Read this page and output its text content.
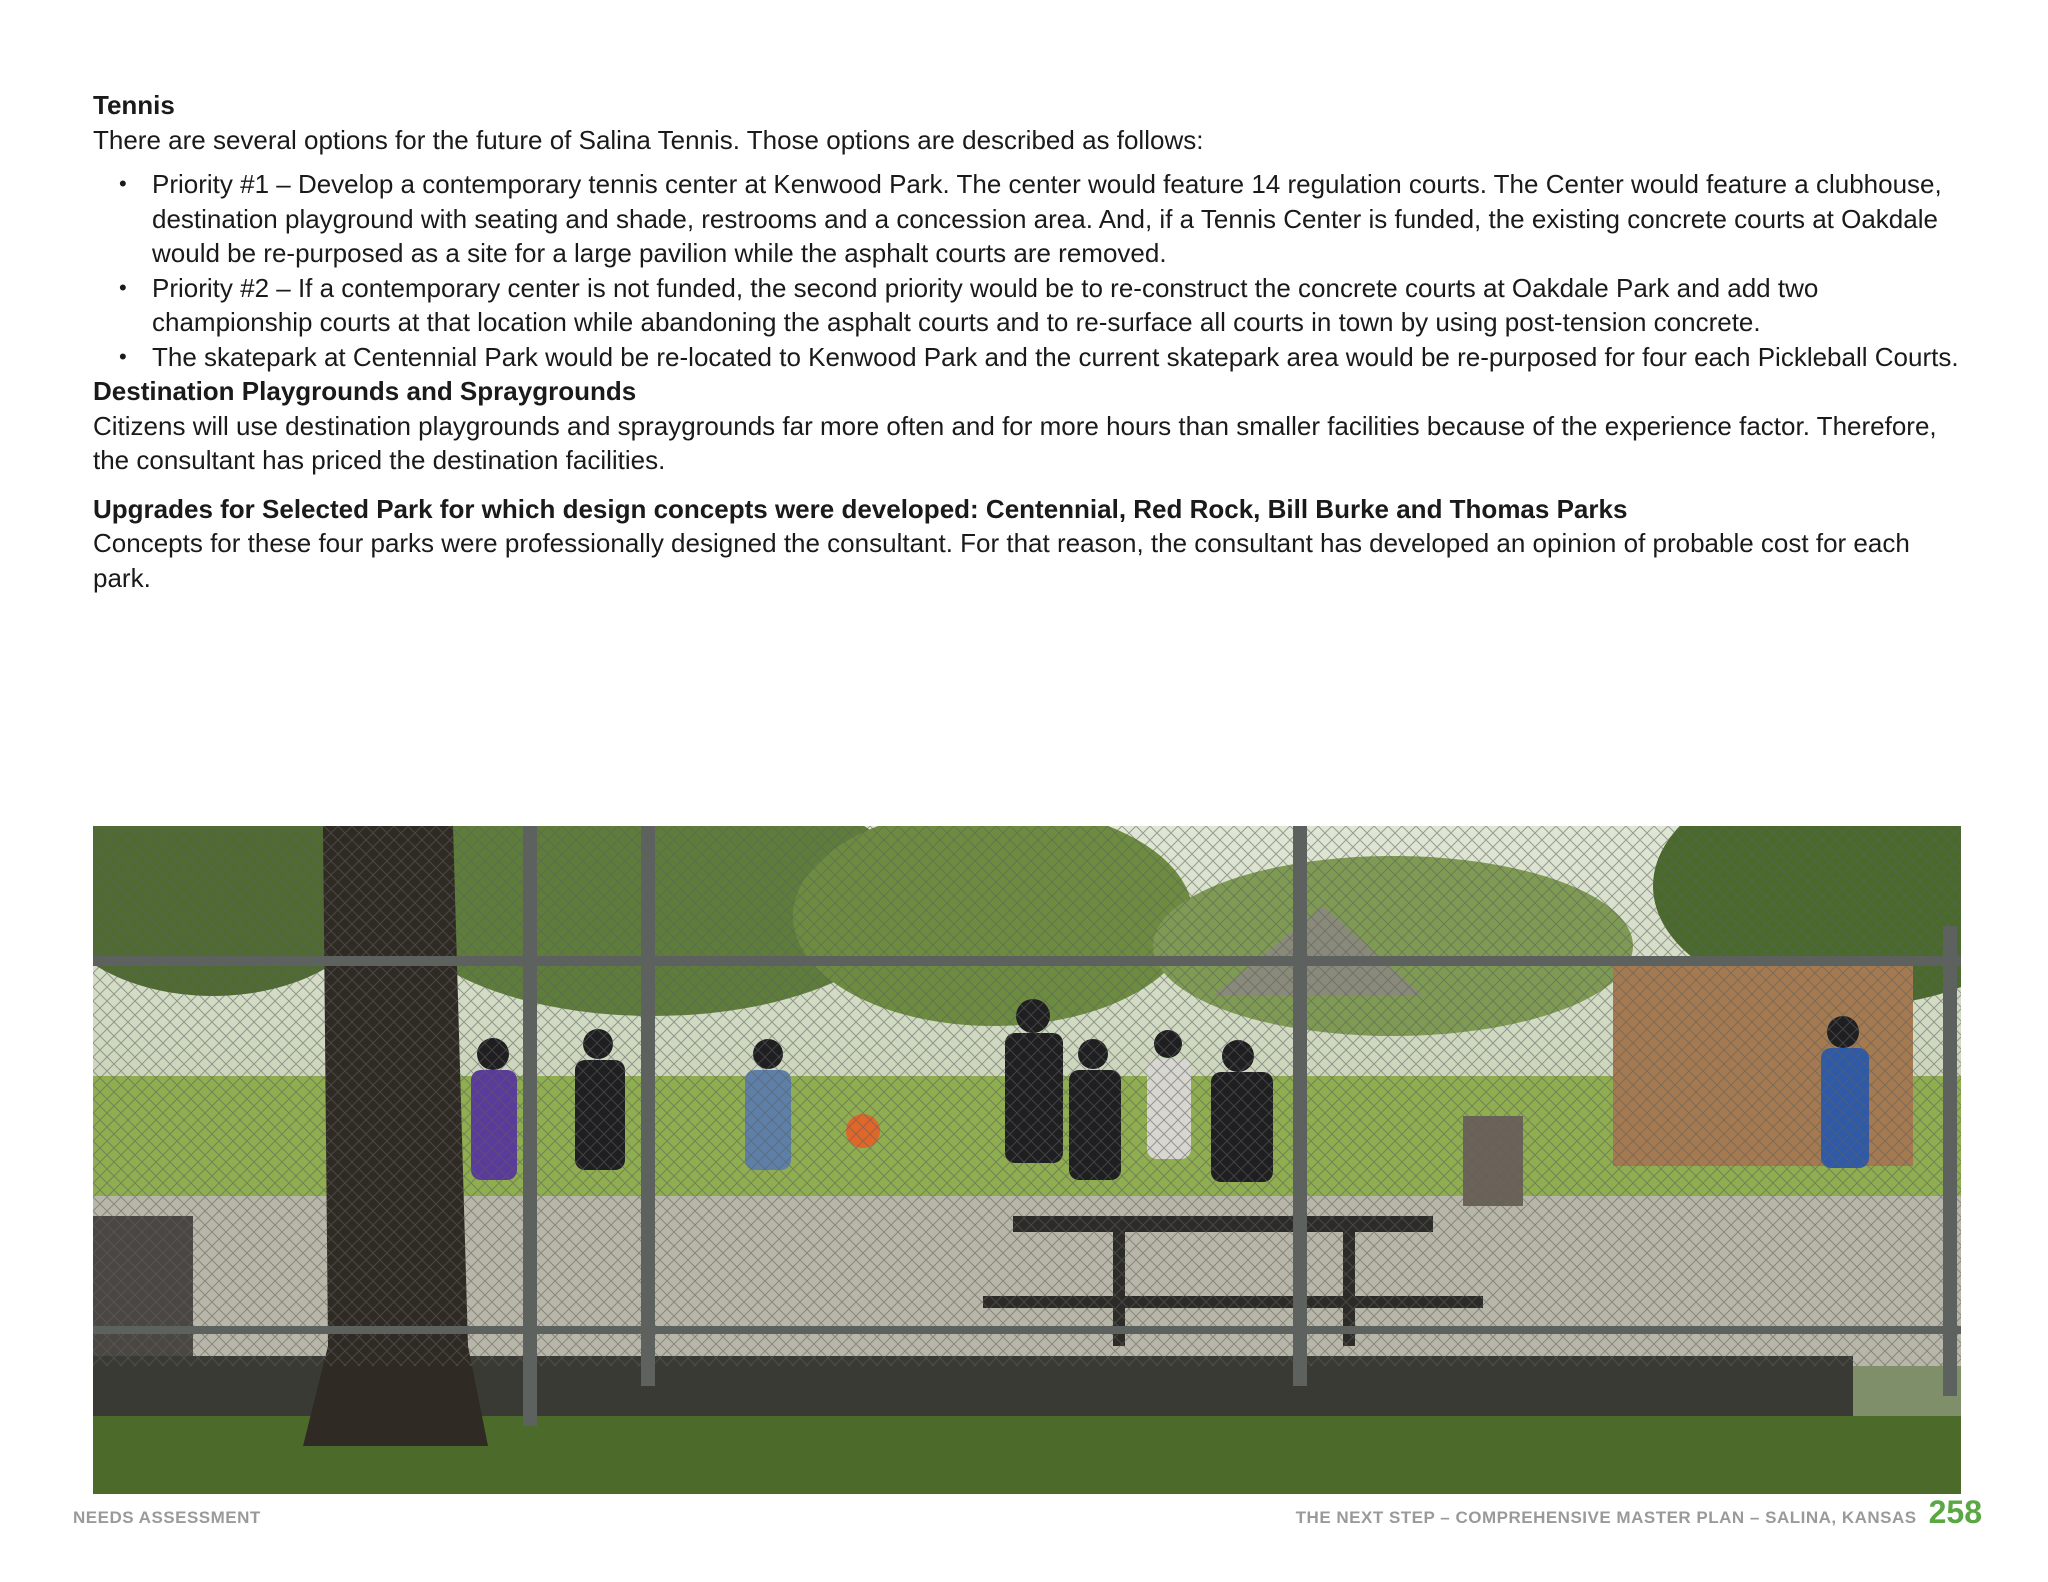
Tennis

There are several options for the future of Salina Tennis. Those options are described as follows:

• Priority #1 – Develop a contemporary tennis center at Kenwood Park. The center would feature 14 regulation courts. The Center would feature a clubhouse, destination playground with seating and shade, restrooms and a concession area. And, if a Tennis Center is funded, the existing concrete courts at Oakdale would be re-purposed as a site for a large pavilion while the asphalt courts are removed.
• Priority #2 – If a contemporary center is not funded, the second priority would be to re-construct the concrete courts at Oakdale Park and add two championship courts at that location while abandoning the asphalt courts and to re-surface all courts in town by using post-tension concrete.
• The skatepark at Centennial Park would be re-located to Kenwood Park and the current skatepark area would be re-purposed for four each Pickleball Courts.

Destination Playgrounds and Spraygrounds

Citizens will use destination playgrounds and spraygrounds far more often and for more hours than smaller facilities because of the experience factor. Therefore, the consultant has priced the destination facilities.

Upgrades for Selected Park for which design concepts were developed: Centennial, Red Rock, Bill Burke and Thomas Parks

Concepts for these four parks were professionally designed the consultant. For that reason, the consultant has developed an opinion of probable cost for each park.

NEEDS ASSESSMENT	THE NEXT STEP – COMPREHENSIVE MASTER PLAN – SALINA, KANSAS 258
